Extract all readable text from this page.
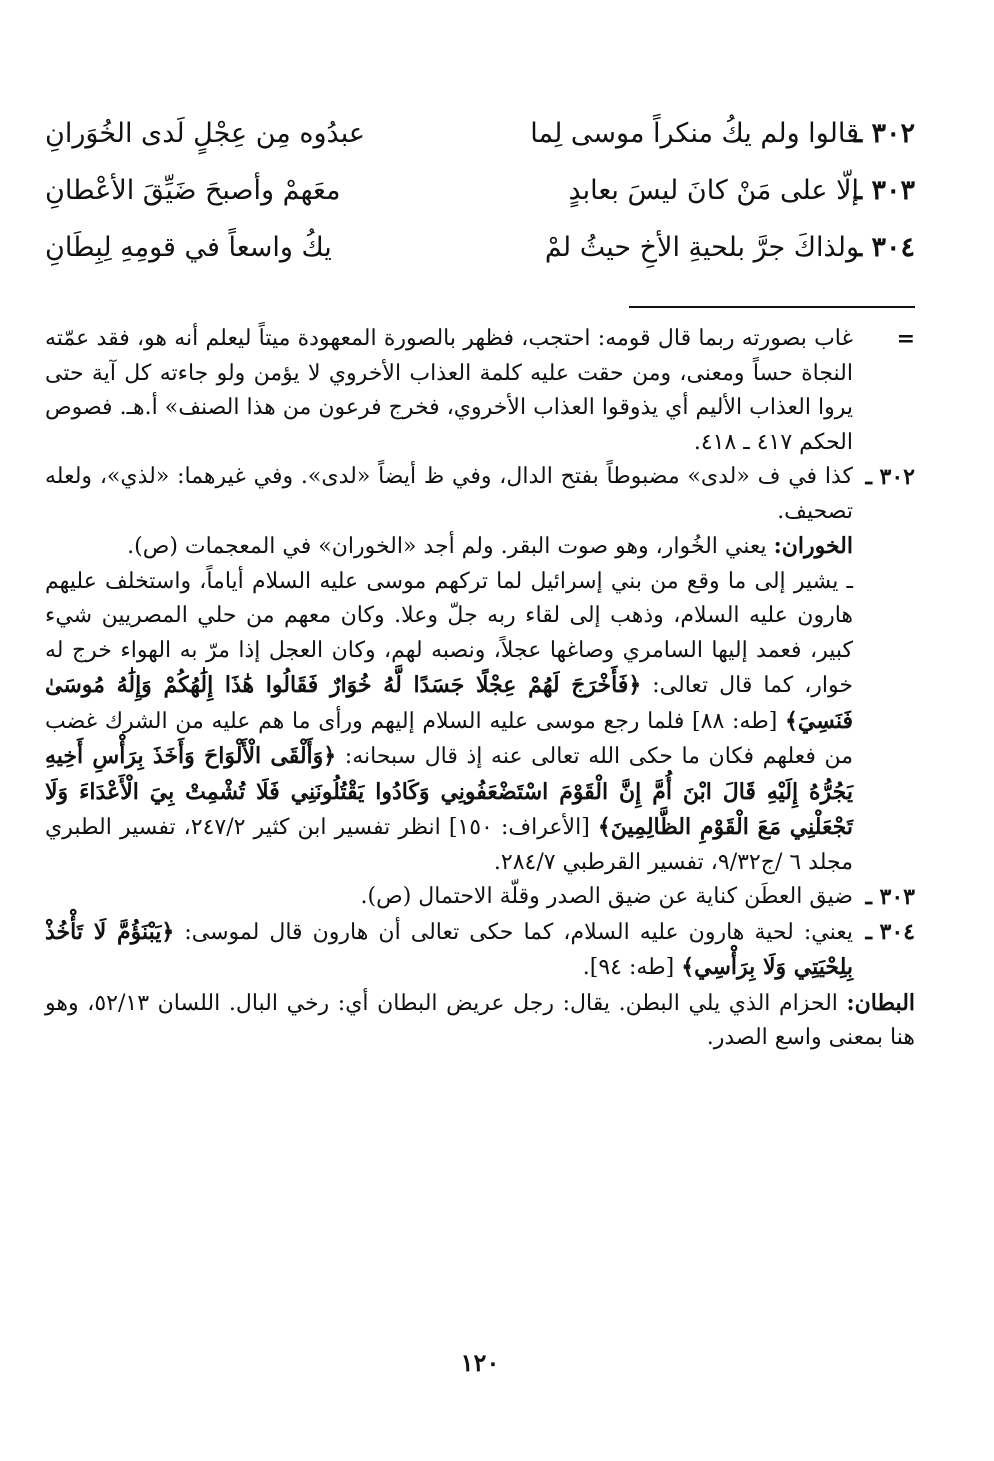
٣٠٢ ـ
قالوا ولم يكُ منكراً موسى لِما
عبدُوه مِن عِجْلٍ لَدى الخُوَرانِ
٣٠٣ ـ
إلّا على مَنْ كانَ ليسَ بعابدٍ
معَهمْ وأصبحَ ضَيِّقَ الأعْطانِ
٣٠٤ ـ
ولذاكَ جرَّ بلحيةِ الأخِ حيثُ لمْ
يكُ واسعاً في قومِهِ لِبِطَانِ
=

غاب بصورته ربما قال قومه: احتجب، فظهر بالصورة المعهودة ميتاً ليعلم أنه هو، فقد عمّته النجاة حساً ومعنى، ومن حقت عليه كلمة العذاب الأخروي لا يؤمن ولو جاءته كل آية حتى يروا العذاب الأليم أي يذوقوا العذاب الأخروي، فخرج فرعون من هذا الصنف» أ.هـ. فصوص الحكم ٤١٧ ـ ٤١٨.

٣٠٢ ـ

كذا في ف «لدى» مضبوطاً بفتح الدال، وفي ظ أيضاً «لدى». وفي غيرهما: «لذي»، ولعله تصحيف.

الخوران: يعني الخُوار، وهو صوت البقر. ولم أجد «الخوران» في المعجمات (ص).

ـ يشير إلى ما وقع من بني إسرائيل لما تركهم موسى عليه السلام أياماً، واستخلف عليهم هارون عليه السلام، وذهب إلى لقاء ربه جلّ وعلا. وكان معهم من حلي المصريين شيء كبير، فعمد إليها السامري وصاغها عجلاً، ونصبه لهم، وكان العجل إذا مرّ به الهواء خرج له خوار، كما قال تعالى: ﴿فَأَخْرَجَ لَهُمْ عِجْلًا جَسَدًا لَّهُ خُوَارٌ فَقَالُوا هَٰذَا إِلَٰهُكُمْ وَإِلَٰهُ مُوسَىٰ فَنَسِيَ﴾ [طه: ٨٨] فلما رجع موسى عليه السلام إليهم ورأى ما هم عليه من الشرك غضب من فعلهم فكان ما حكى الله تعالى عنه إذ قال سبحانه: ﴿وَأَلْقَى الْأَلْوَاحَ وَأَخَذَ بِرَأْسِ أَخِيهِ يَجُرُّهُ إِلَيْهِ قَالَ ابْنَ أُمَّ إِنَّ الْقَوْمَ اسْتَضْعَفُونِي وَكَادُوا يَقْتُلُونَنِي فَلَا تُشْمِتْ بِيَ الْأَعْدَاءَ وَلَا تَجْعَلْنِي مَعَ الْقَوْمِ الظَّالِمِينَ﴾ [الأعراف: ١٥٠] انظر تفسير ابن كثير ٢٤٧/٢، تفسير الطبري مجلد ٦ /ج٩/٣٢، تفسير القرطبي ٢٨٤/٧.

٣٠٣ ـ

ضيق العطَن كناية عن ضيق الصدر وقلّة الاحتمال (ص).

٣٠٤ ـ

يعني: لحية هارون عليه السلام، كما حكى تعالى أن هارون قال لموسى: ﴿يَبْنَؤُمَّ لَا تَأْخُذْ بِلِحْيَتِي وَلَا بِرَأْسِي﴾ [طه: ٩٤].

البطان: الحزام الذي يلي البطن. يقال: رجل عريض البطان أي: رخي البال. اللسان ٥٢/١٣، وهو هنا بمعنى واسع الصدر.

١٢٠
